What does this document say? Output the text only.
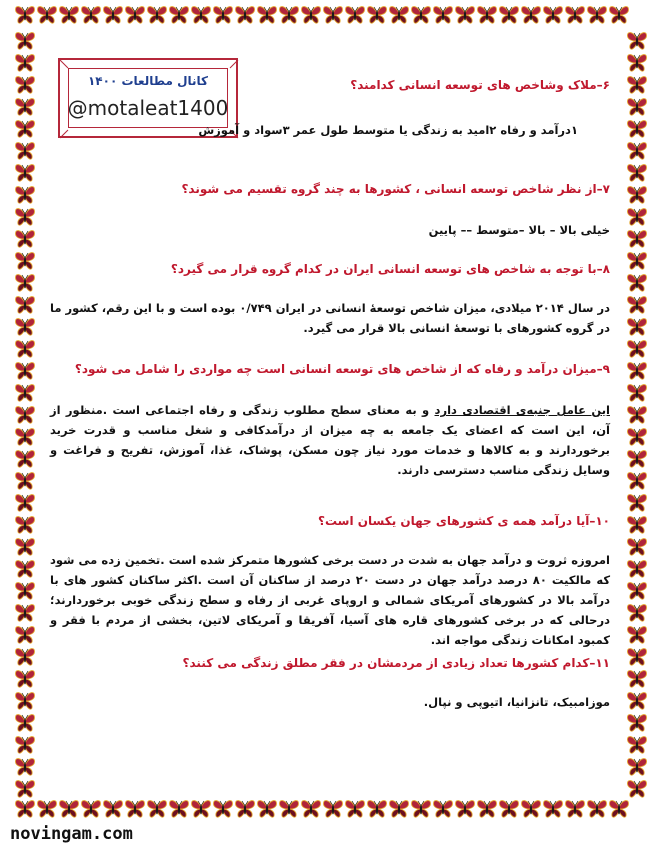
کانال مطالعات ۱۴۰۰
@motaleat1400
۶–ملاک وشاخص های توسعه انسانی کدامند؟
۱درآمد و رفاه ۲امید به زندگی یا متوسط طول عمر ۳سواد و آموزش
۷–از نظر شاخص توسعه انسانی ، کشورها به چند گروه تقسیم می شوند؟
خیلی بالا – بالا –متوسط –– پایین
۸–با توجه به شاخص های توسعه انسانی ایران در کدام گروه قرار می گیرد؟
در سال ۲۰۱۴ میلادی، میزان شاخص توسعهٔ انسانی در ایران ۰/۷۴۹ بوده است و با این رقم، کشور ما در گروه کشورهای با توسعهٔ انسانی بالا قرار می گیرد.
۹–میزان درآمد و رفاه که از شاخص های توسعه انسانی است چه مواردی را شامل می شود؟
این عامل جنبه‌ی اقتصادی دارد و به معنای سطح مطلوب زندگی و رفاه اجتماعی است .منظور از آن، این است که اعضای یک جامعه به چه میزان از درآمدکافی و شغل مناسب و قدرت خرید برخوردارند و به کالاها و خدمات مورد نیاز چون مسکن، پوشاک، غذا، آموزش، تفریح و فراغت و وسایل زندگی مناسب دسترسی دارند.
۱۰–آیا درآمد همه ی کشورهای جهان یکسان است؟
امروزه ثروت و درآمد جهان به شدت در دست برخی کشورها متمرکز شده است .تخمین زده می شود که مالکیت ۸۰ درصد درآمد جهان در دست ۲۰ درصد از ساکنان آن است .اکثر ساکنان کشور های با درآمد بالا در کشورهای آمریکای شمالی و اروپای غربی از رفاه و سطح زندگی خوبی برخوردارند؛ درحالی که در برخی کشورهای قاره های آسیا، آفریقا و آمریکای لاتین، بخشی از مردم با فقر و کمبود امکانات زندگی مواجه اند.
۱۱–کدام کشورها تعداد زیادی از مردمشان در فقر مطلق زندگی می کنند؟
موزامبیک، تانزانیا، اتیوپی و نپال.
novingam.com
